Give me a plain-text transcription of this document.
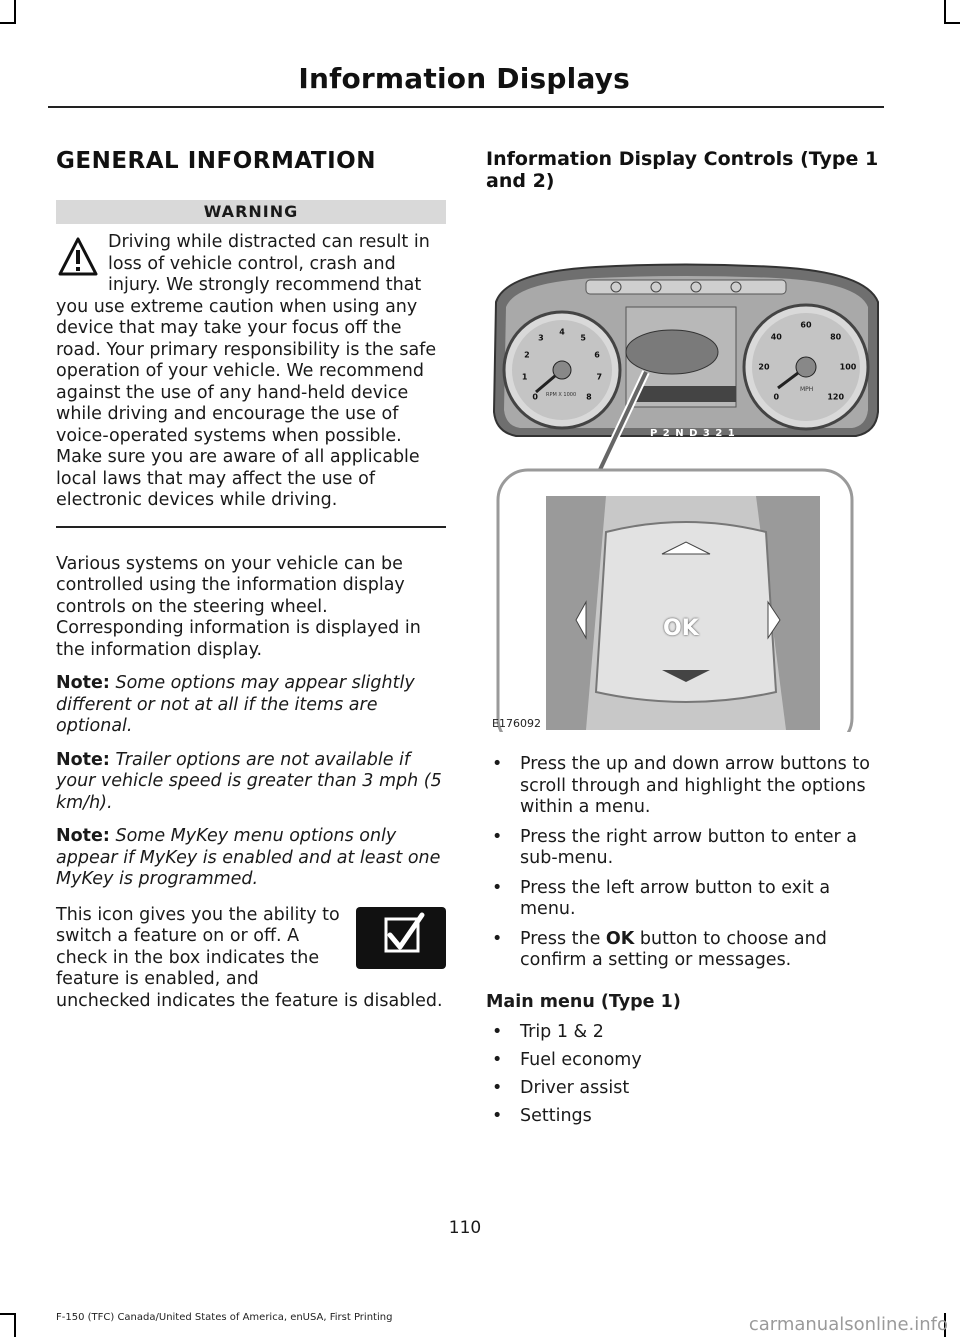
Information Displays
GENERAL INFORMATION
WARNING
Driving while distracted can result in loss of vehicle control, crash and injury. We strongly recommend that you use extreme caution when using any device that may take your focus off the road. Your primary responsibility is the safe operation of your vehicle. We recommend against the use of any hand-held device while driving and encourage the use of voice-operated systems when possible. Make sure you are aware of all applicable local laws that may affect the use of electronic devices while driving.

Various systems on your vehicle can be controlled using the information display controls on the steering wheel. Corresponding information is displayed in the information display.

Note: Some options may appear slightly different or not at all if the items are optional.

Note: Trailer options are not available if your vehicle speed is greater than 3 mph (5 km/h).

Note: Some MyKey menu options only appear if MyKey is enabled and at least one MyKey is programmed.

This icon gives you the ability to switch a feature on or off. A check in the box indicates the feature is enabled, and unchecked indicates the feature is disabled.
Information Display Controls (Type 1 and 2)
P 2 N D 3 2 1
OK
RPM X 1000
MPH
E176092
0
1
2
3
4
5
6
7
8	0
20
40
60
80
100
120
• Press the up and down arrow buttons to scroll through and highlight the options within a menu.
• Press the right arrow button to enter a sub-menu.
• Press the left arrow button to exit a menu.
• Press the OK button to choose and confirm a setting or messages.
Main menu (Type 1)
• Trip 1 & 2
• Fuel economy
• Driver assist
• Settings
110
F-150 (TFC) Canada/United States of America, enUSA, First Printing	carmanualsonline.info
